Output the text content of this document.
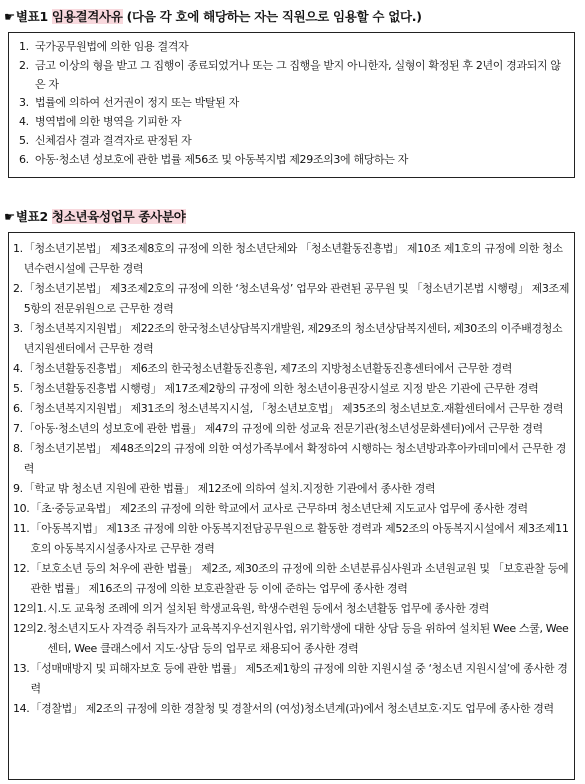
☛별표1 임용결격사유 (다음 각 호에 해당하는 자는 직원으로 임용할 수 없다.)
1. 국가공무원법에 의한 임용 결격자
2. 금고 이상의 형을 받고 그 집행이 종료되었거나 또는 그 집행을 받지 아니한자, 실형이 확정된 후 2년이 경과되지 않은 자
3. 법률에 의하여 선거권이 정지 또는 박탈된 자
4. 병역법에 의한 병역을 기피한 자
5. 신체검사 결과 결격자로 판정된 자
6. 아동·청소년 성보호에 관한 법률 제56조 및 아동복지법 제29조의3에 해당하는 자
☛별표2 청소년육성업무 종사분야
1. 「청소년기본법」 제3조제8호의 규정에 의한 청소년단체와 「청소년활동진흥법」 제10조 제1호의 규정에 의한 청소년수련시설에 근무한 경력
2. 「청소년기본법」 제3조제2호의 규정에 의한 ‘청소년육성’ 업무와 관련된 공무원 및 「청소년기본법 시행령」 제3조제5항의 전문위원으로 근무한 경력
3. 「청소년복지지원법」 제22조의 한국청소년상담복지개발원, 제29조의 청소년상담복지센터, 제30조의 이주배경청소년지원센터에서 근무한 경력
4. 「청소년활동진흥법」 제6조의 한국청소년활동진흥원, 제7조의 지방청소년활동진흥센터에서 근무한 경력
5. 「청소년활동진흥법 시행령」 제17조제2항의 규정에 의한 청소년이용권장시설로 지정 받은 기관에 근무한 경력
6. 「청소년복지지원법」 제31조의 청소년복지시설, 「청소년보호법」 제35조의 청소년보호.재활센터에서 근무한 경력
7. 「아동·청소년의 성보호에 관한 법률」 제47의 규정에 의한 성교육 전문기관(청소년성문화센터)에서 근무한 경력
8. 「청소년기본법」 제48조의2의 규정에 의한 여성가족부에서 확정하여 시행하는 청소년방과후아카데미에서 근무한 경력
9. 「학교 밖 청소년 지원에 관한 법률」 제12조에 의하여 설치.지정한 기관에서 종사한 경력
10. 「초·중등교육법」 제2조의 규정에 의한 학교에서 교사로 근무하며 청소년단체 지도교사 업무에 종사한 경력
11. 「아동복지법」 제13조 규정에 의한 아동복지전담공무원으로 활동한 경력과 제52조의 아동복지시설에서 제3조제11호의 아동복지시설종사자로 근무한 경력
12. 「보호소년 등의 처우에 관한 법률」 제2조, 제30조의 규정에 의한 소년분류심사원과 소년원교원 및 「보호관찰 등에 관한 법률」 제16조의 규정에 의한 보호관찰관 등 이에 준하는 업무에 종사한 경력
12의1. 시.도 교육청 조례에 의거 설치된 학생교육원, 학생수련원 등에서 청소년활동 업무에 종사한 경력
12의2. 청소년지도사 자격증 취득자가 교육복지우선지원사업, 위기학생에 대한 상담 등을 위하여 설치된 Wee 스쿨, Wee 센터, Wee 클래스에서 지도·상담 등의 업무로 채용되어 종사한 경력
13. 「성매매방지 및 피해자보호 등에 관한 법률」 제5조제1항의 규정에 의한 지원시설 중 ‘청소년 지원시설’에 종사한 경력
14. 「경찰법」 제2조의 규정에 의한 경찰청 및 경찰서의 (여성)청소년계(과)에서 청소년보호·지도 업무에 종사한 경력
